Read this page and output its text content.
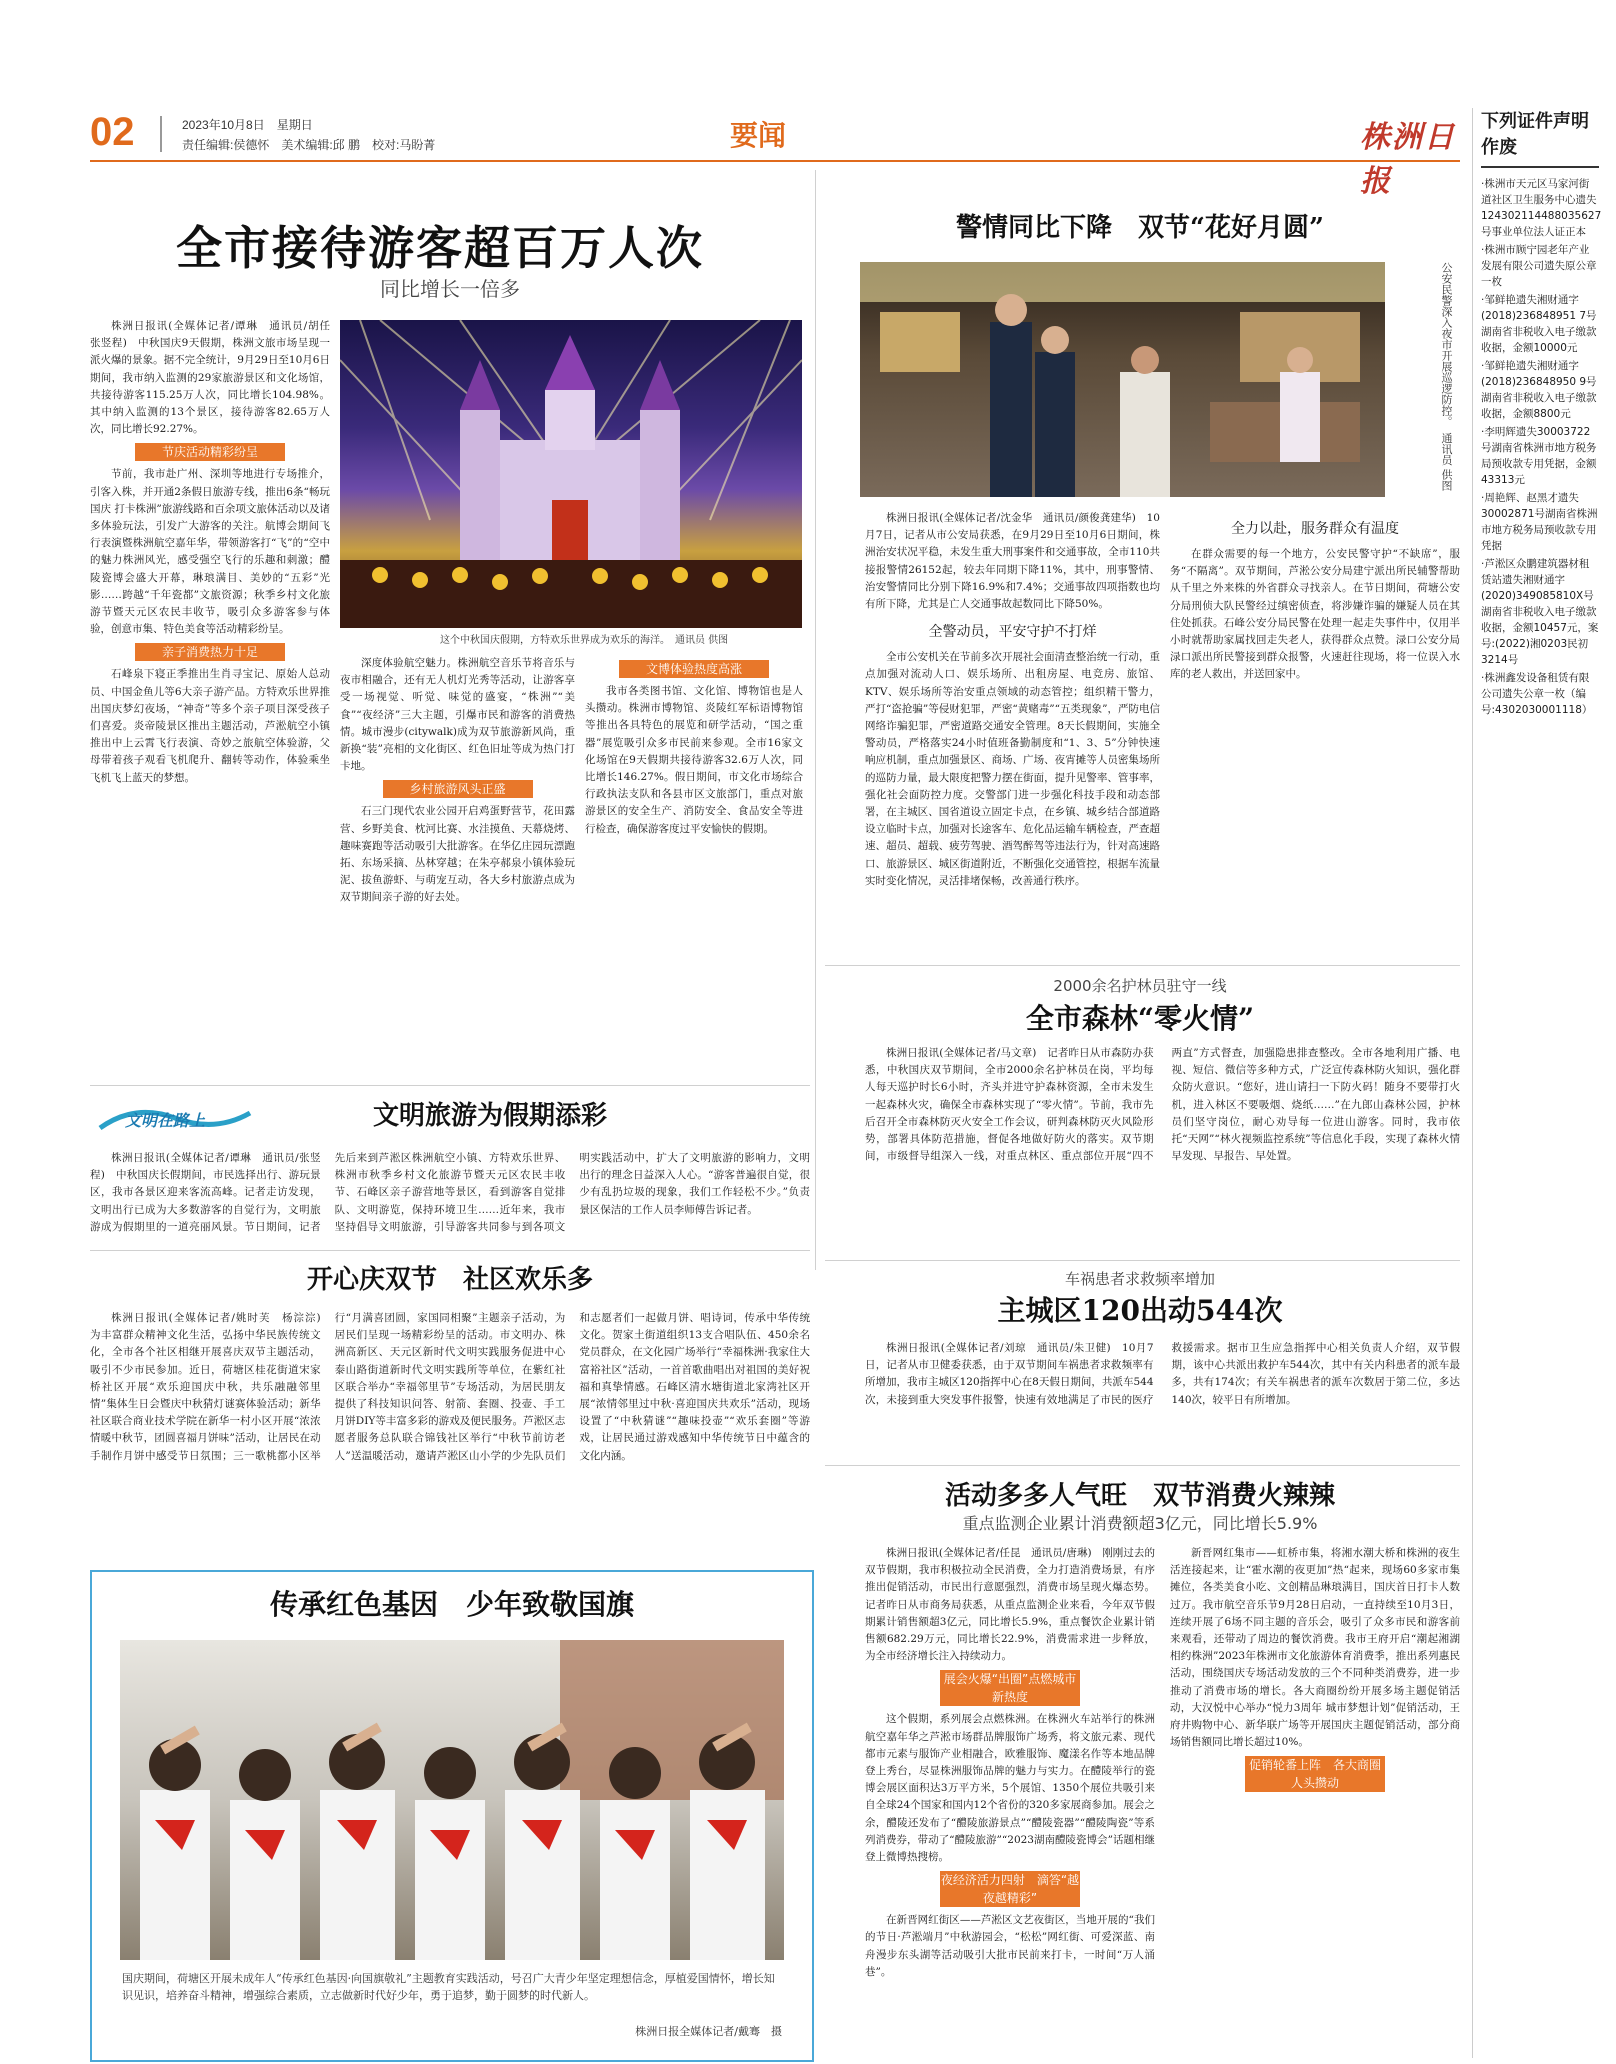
02	2023年10月8日　星期日
责任编辑:侯德怀　美术编辑:邱 鹏　校对:马盼菁	要闻	株洲日报
下列证件声明作废

·株洲市天元区马家河街道社区卫生服务中心遗失124302114488035627号事业单位法人证正本

·株洲市顾宁园老年产业发展有限公司遗失原公章一枚

·邹鲜艳遗失湘财通字(2018)236848951 7号湖南省非税收入电子缴款收据，金额10000元

·邹鲜艳遗失湘财通字(2018)236848950 9号湖南省非税收入电子缴款收据，金额8800元

·李明辉遗失30003722号湖南省株洲市地方税务局预收款专用凭据，金额43313元

·周艳辉、赵黑才遗失30002871号湖南省株洲市地方税务局预收款专用凭据

·芦淞区众鹏建筑器材租赁站遗失湘财通字(2020)349085810X号湖南省非税收入电子缴款收据，金额10457元，案号:(2022)湘0203民初3214号

·株洲鑫发设备租赁有限公司遗失公章一枚（编号:4302030001118）

全市接待游客超百万人次
同比增长一倍多
这个中秋国庆假期，方特欢乐世界成为欢乐的海洋。　通讯员 供图

株洲日报讯(全媒体记者/谭琳　通讯员/胡任　张竖程)　中秋国庆9天假期，株洲文旅市场呈现一派火爆的景象。据不完全统计，9月29日至10月6日期间，我市纳入监测的29家旅游景区和文化场馆，共接待游客115.25万人次，同比增长104.98%。其中纳入监测的13个景区，接待游客82.65万人次，同比增长92.27%。

节庆活动精彩纷呈

节前，我市赴广州、深圳等地进行专场推介，引客入株，并开通2条假日旅游专线，推出6条“畅玩国庆 打卡株洲”旅游线路和百余项文旅体活动以及诸多体验玩法，引发广大游客的关注。航博会期间飞行表演暨株洲航空嘉年华，带领游客打“飞”的“空中的魅力株洲风光，感受强空飞行的乐趣和刺激；醴陵瓷博会盛大开幕，琳琅满目、美妙的“五彩”光影……跨越“千年瓷都”文旅资源；秋季乡村文化旅游节暨天元区农民丰收节，吸引众多游客参与体验，创意市集、特色美食等活动精彩纷呈。

亲子消费热力十足

石峰泉下寝正季推出生肖寻宝记、原始人总动员、中国金鱼儿等6大亲子游产品。方特欢乐世界推出国庆梦幻夜场，“神奇”等多个亲子项目深受孩子们喜爱。炎帝陵景区推出主题活动，芦淞航空小镇推出中上云霄飞行表演、奇妙之旅航空体验游，父母带着孩子观看飞机爬升、翻转等动作，体验乘坐飞机飞上蓝天的梦想。

深度体验航空魅力。株洲航空音乐节将音乐与夜市相融合，还有无人机灯光秀等活动，让游客享受一场视觉、听觉、味觉的盛宴，“株洲”“美食”“夜经济”三大主题，引爆市民和游客的消费热情。城市漫步(citywalk)成为双节旅游新风尚，重新换“装”亮相的文化街区、红色旧址等成为热门打卡地。

乡村旅游风头正盛

石三门现代农业公园开启鸡蛋野营节，花田露营、乡野美食、枕河比赛、水洼摸鱼、天幕烧烤、趣味赛跑等活动吸引大批游客。在华亿庄园玩漂跑拓、东场采摘、丛林穿越；在朱亭郝泉小镇体验玩泥、拔鱼游虾、与萌宠互动，各大乡村旅游点成为双节期间亲子游的好去处。

文博体验热度高涨

我市各类图书馆、文化馆、博物馆也是人头攒动。株洲市博物馆、炎陵红军标语博物馆等推出各具特色的展览和研学活动，“国之重器”展览吸引众多市民前来参观。全市16家文化场馆在9天假期共接待游客32.6万人次，同比增长146.27%。假日期间，市文化市场综合行政执法支队和各县市区文旅部门，重点对旅游景区的安全生产、消防安全、食品安全等进行检查，确保游客度过平安愉快的假期。

警情同比下降　双节“花好月圆”
公安民警深入夜市开展巡逻防控。　通讯员 供图

株洲日报讯(全媒体记者/沈金华　通讯员/颜俊龚建华)　10月7日，记者从市公安局获悉，在9月29日至10月6日期间，株洲治安状况平稳，未发生重大刑事案件和交通事故，全市110共接报警情26152起，较去年同期下降11%，其中，刑事警情、治安警情同比分别下降16.9%和7.4%；交通事故四项指数也均有所下降，尤其是亡人交通事故起数同比下降50%。

全警动员，平安守护不打烊

全市公安机关在节前多次开展社会面清查整治统一行动，重点加强对流动人口、娱乐场所、出租房屋、电竞房、旅馆、KTV、娱乐场所等治安重点领域的动态管控；组织精干警力，严打“盗抢骗”等侵财犯罪，严密“黄赌毒”“五类现象”，严防电信网络诈骗犯罪，严密道路交通安全管理。8天长假期间，实施全警动员，严格落实24小时值班备勤制度和“1、3、5”分钟快速响应机制，重点加强景区、商场、广场、夜宵摊等人员密集场所的巡防力量，最大限度把警力摆在街面，提升见警率、管事率，强化社会面防控力度。交警部门进一步强化科技手段和动态部署，在主城区、国省道设立固定卡点，在乡镇、城乡结合部道路设立临时卡点，加强对长途客车、危化品运输车辆检查，严查超速、超员、超载、疲劳驾驶、酒驾醉驾等违法行为，针对高速路口、旅游景区、城区街道附近，不断强化交通管控，根据车流量实时变化情况，灵活排堵保畅，改善通行秩序。

全力以赴，服务群众有温度

在群众需要的每一个地方，公安民警守护“不缺席”，服务“不隔离”。双节期间，芦淞公安分局建宁派出所民辅警帮助从千里之外来株的外省群众寻找亲人。在节日期间，荷塘公安分局刑侦大队民警经过缜密侦查，将涉嫌诈骗的嫌疑人员在其住处抓获。石峰公安分局民警在处理一起走失事件中，仅用半小时就帮助家属找回走失老人，获得群众点赞。渌口公安分局渌口派出所民警接到群众报警，火速赶往现场，将一位误入水库的老人救出，并送回家中。

2000余名护林员驻守一线
全市森林“零火情”

株洲日报讯(全媒体记者/马文章)　记者昨日从市森防办获悉，中秋国庆双节期间，全市2000余名护林员在岗，平均每人每天巡护时长6小时，齐头并进守护森林资源，全市未发生一起森林火灾，确保全市森林实现了“零火情”。节前，我市先后召开全市森林防灭火安全工作会议，研判森林防灭火风险形势，部署具体防范措施，督促各地做好防火的落实。双节期间，市级督导组深入一线，对重点林区、重点部位开展“四不两直”方式督查，加强隐患排查整改。全市各地利用广播、电视、短信、微信等多种方式，广泛宣传森林防火知识，强化群众防火意识。“您好，进山请扫一下防火码！随身不要带打火机，进入林区不要吸烟、烧纸……”在九郎山森林公园，护林员们坚守岗位，耐心劝导每一位进山游客。同时，我市依托“天网”“林火视频监控系统”等信息化手段，实现了森林火情早发现、早报告、早处置。

文明在路上	文明旅游为假期添彩

株洲日报讯(全媒体记者/谭琳　通讯员/张竖程)　中秋国庆长假期间，市民选择出行、游玩景区，我市各景区迎来客流高峰。记者走访发现，文明出行已成为大多数游客的自觉行为，文明旅游成为假期里的一道亮丽风景。节日期间，记者先后来到芦淞区株洲航空小镇、方特欢乐世界、株洲市秋季乡村文化旅游节暨天元区农民丰收节、石峰区亲子游营地等景区，看到游客自觉排队、文明游览，保持环境卫生……近年来，我市坚持倡导文明旅游，引导游客共同参与到各项文明实践活动中，扩大了文明旅游的影响力，文明出行的理念日益深入人心。“游客普遍很自觉，很少有乱扔垃圾的现象，我们工作轻松不少。”负责景区保洁的工作人员李师傅告诉记者。

车祸患者求救频率增加
主城区120出动544次

株洲日报讯(全媒体记者/刘琼　通讯员/朱卫健)　10月7日，记者从市卫健委获悉，由于双节期间车祸患者求救频率有所增加，我市主城区120指挥中心在8天假日期间，共派车544次，未接到重大突发事件报警，快速有效地满足了市民的医疗救援需求。据市卫生应急指挥中心相关负责人介绍，双节假期，该中心共派出救护车544次，其中有关内科患者的派车最多，共有174次；有关车祸患者的派车次数居于第二位，多达140次，较平日有所增加。

开心庆双节　社区欢乐多

株洲日报讯(全媒体记者/姚时芙　杨淙淙)　为丰富群众精神文化生活，弘扬中华民族传统文化，全市各个社区相继开展喜庆双节主题活动，吸引不少市民参加。近日，荷塘区桂花街道宋家桥社区开展“欢乐迎国庆中秋，共乐融融邻里情”集体生日会暨庆中秋猜灯谜赛体验活动；新华社区联合商业技术学院在新华一村小区开展“浓浓情暖中秋节，团圆喜福月饼味”活动，让居民在动手制作月饼中感受节日氛围；三一歌桃都小区举行“月满喜团圆，家国同相聚”主题亲子活动，为居民们呈现一场精彩纷呈的活动。市文明办、株洲高新区、天元区新时代文明实践服务促进中心泰山路街道新时代文明实践所等单位，在紫红社区联合举办“幸福邻里节”专场活动，为居民朋友提供了科技知识问答、射箭、套圈、投壶、手工月饼DIY等丰富多彩的游戏及便民服务。芦淞区志愿者服务总队联合锦钱社区举行“中秋节前访老人”送温暖活动，邀请芦淞区山小学的少先队员们和志愿者们一起做月饼、唱诗词，传承中华传统文化。贺家土街道组织13支合唱队伍、450余名党员群众，在文化园广场举行“幸福株洲·我家住大富裕社区”活动，一首首歌曲唱出对祖国的美好祝福和真挚情感。石峰区清水塘街道北家湾社区开展“浓情邻里过中秋·喜迎国庆共欢乐”活动，现场设置了“中秋猜谜”“趣味投壶”“欢乐套圈”等游戏，让居民通过游戏感知中华传统节日中蕴含的文化内涵。

传承红色基因　少年致敬国旗
国庆期间，荷塘区开展未成年人“传承红色基因·向国旗敬礼”主题教育实践活动，号召广大青少年坚定理想信念，厚植爱国情怀，增长知识见识，培养奋斗精神，增强综合素质，立志做新时代好少年，勇于追梦，勤于圆梦的时代新人。
株洲日报全媒体记者/戴骞　摄
活动多多人气旺　双节消费火辣辣
重点监测企业累计消费额超3亿元，同比增长5.9%

株洲日报讯(全媒体记者/任昆　通讯员/唐琳)　刚刚过去的双节假期，我市积极拉动全民消费，全力打造消费场景，有序推出促销活动，市民出行意愿强烈，消费市场呈现火爆态势。记者昨日从市商务局获悉，从重点监测企业来看，今年双节假期累计销售额超3亿元，同比增长5.9%，重点餐饮企业累计销售额682.29万元，同比增长22.9%，消费需求进一步释放，为全市经济增长注入持续动力。

展会火爆“出圈”点燃城市新热度

这个假期，系列展会点燃株洲。在株洲火车站举行的株洲航空嘉年华之芦淞市场群品牌服饰广场秀，将文旅元素、现代都市元素与服饰产业相融合，欧雅服饰、魔漾名作等本地品牌登上秀台，尽显株洲服饰品牌的魅力与实力。在醴陵举行的瓷博会展区面积达3万平方米，5个展馆、1350个展位共吸引来自全球24个国家和国内12个省份的320多家展商参加。展会之余，醴陵还发布了“醴陵旅游景点”“醴陵瓷器”“醴陵陶瓷”等系列消费券，带动了“醴陵旅游”“2023湖南醴陵瓷博会”话题相继登上微博热搜榜。

夜经济活力四射　滴答“越夜越精彩”

在新晋网红街区——芦淞区文艺夜街区，当地开展的“我们的节日·芦淞端月”中秋游园会，“松松”网红街、可爱深蓝、南舟漫步东头湖等活动吸引大批市民前来打卡，一时间“万人涌巷”。

新晋网红集市——虹桥市集，将湘水潮大桥和株洲的夜生活连接起来，让“霍水潮的夜更加”热“起来，现场60多家市集摊位，各类美食小吃、文创精品琳琅满目，国庆首日打卡人数过万。我市航空音乐节9月28日启动，一直持续至10月3日，连续开展了6场不同主题的音乐会，吸引了众多市民和游客前来观看，还带动了周边的餐饮消费。我市王府开启“潮起湘湖 相约株洲”2023年株洲市文化旅游体育消费季，推出系列惠民活动，围绕国庆专场活动发放的三个不同种类消费券，进一步推动了消费市场的增长。各大商圈纷纷开展多场主题促销活动，大汉悦中心举办“悦力3周年 城市梦想计划”促销活动，王府井购物中心、新华联广场等开展国庆主题促销活动，部分商场销售额同比增长超过10%。

促销轮番上阵　各大商圈人头攒动
